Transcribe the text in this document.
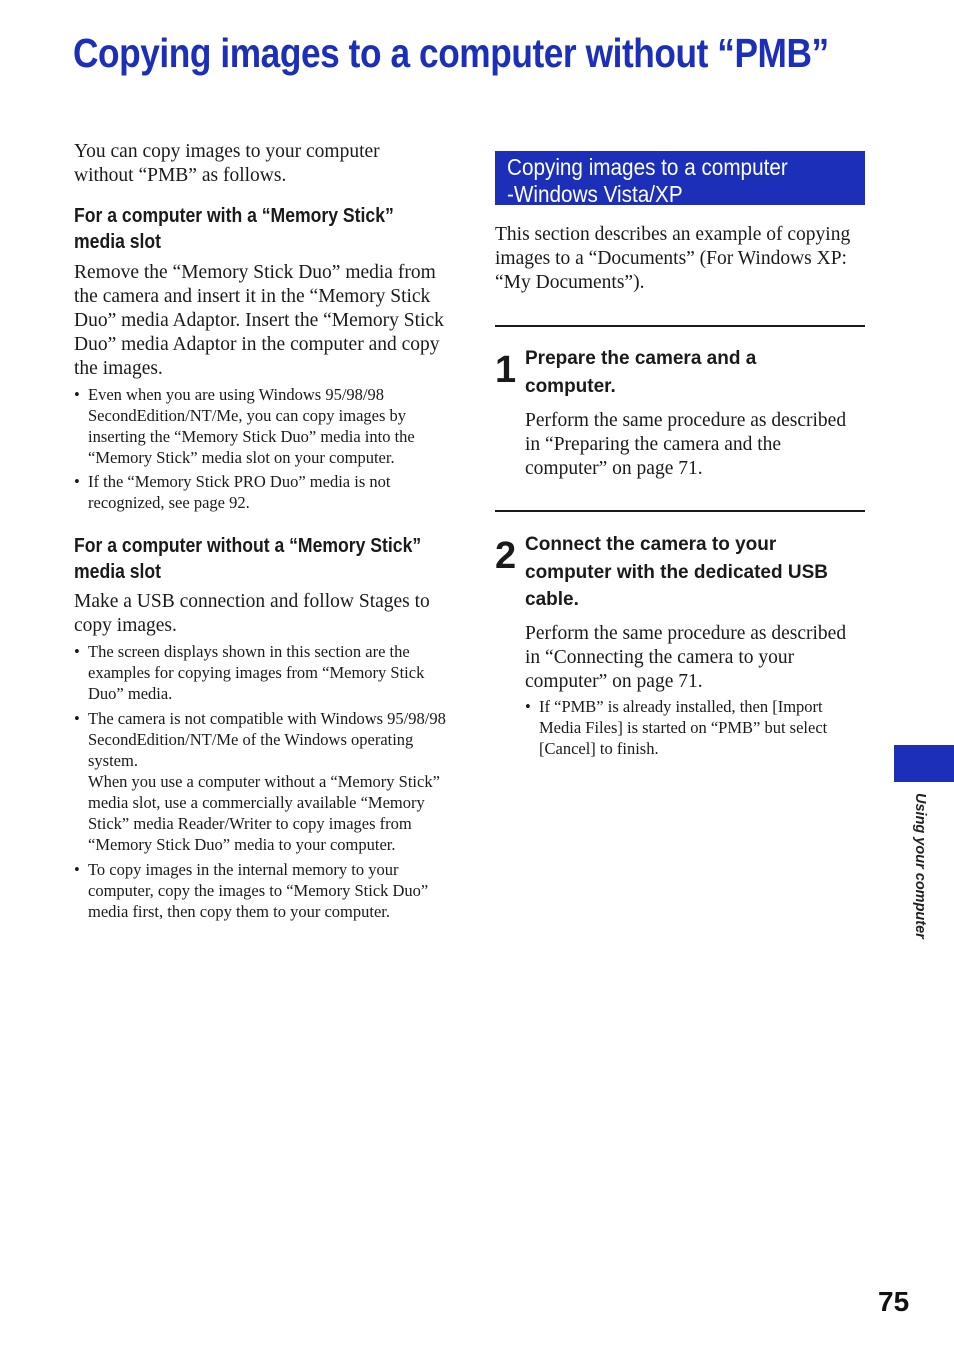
Copying images to a computer without “PMB”

You can copy images to your computer without “PMB” as follows.

For a computer with a “Memory Stick” media slot

Remove the “Memory Stick Duo” media from the camera and insert it in the “Memory Stick Duo” media Adaptor. Insert the “Memory Stick Duo” media Adaptor in the computer and copy the images.

• Even when you are using Windows 95/98/98 SecondEdition/NT/Me, you can copy images by inserting the “Memory Stick Duo” media into the “Memory Stick” media slot on your computer.
• If the “Memory Stick PRO Duo” media is not recognized, see page 92.
For a computer without a “Memory Stick” media slot

Make a USB connection and follow Stages to copy images.

• The screen displays shown in this section are the examples for copying images from “Memory Stick Duo” media.
• The camera is not compatible with Windows 95/98/98 SecondEdition/NT/Me of the Windows operating system.
When you use a computer without a “Memory Stick” media slot, use a commercially available “Memory Stick” media Reader/Writer to copy images from “Memory Stick Duo” media to your computer.
• To copy images in the internal memory to your computer, copy the images to “Memory Stick Duo” media first, then copy them to your computer.
Copying images to a computer
-Windows Vista/XP

This section describes an example of copying images to a “Documents” (For Windows XP: “My Documents”).

1 Prepare the camera and a computer.

Perform the same procedure as described in “Preparing the camera and the computer” on page 71.

2 Connect the camera to your computer with the dedicated USB cable.

Perform the same procedure as described in “Connecting the camera to your computer” on page 71.

• If “PMB” is already installed, then [Import Media Files] is started on “PMB” but select [Cancel] to finish.
Using your computer
75
